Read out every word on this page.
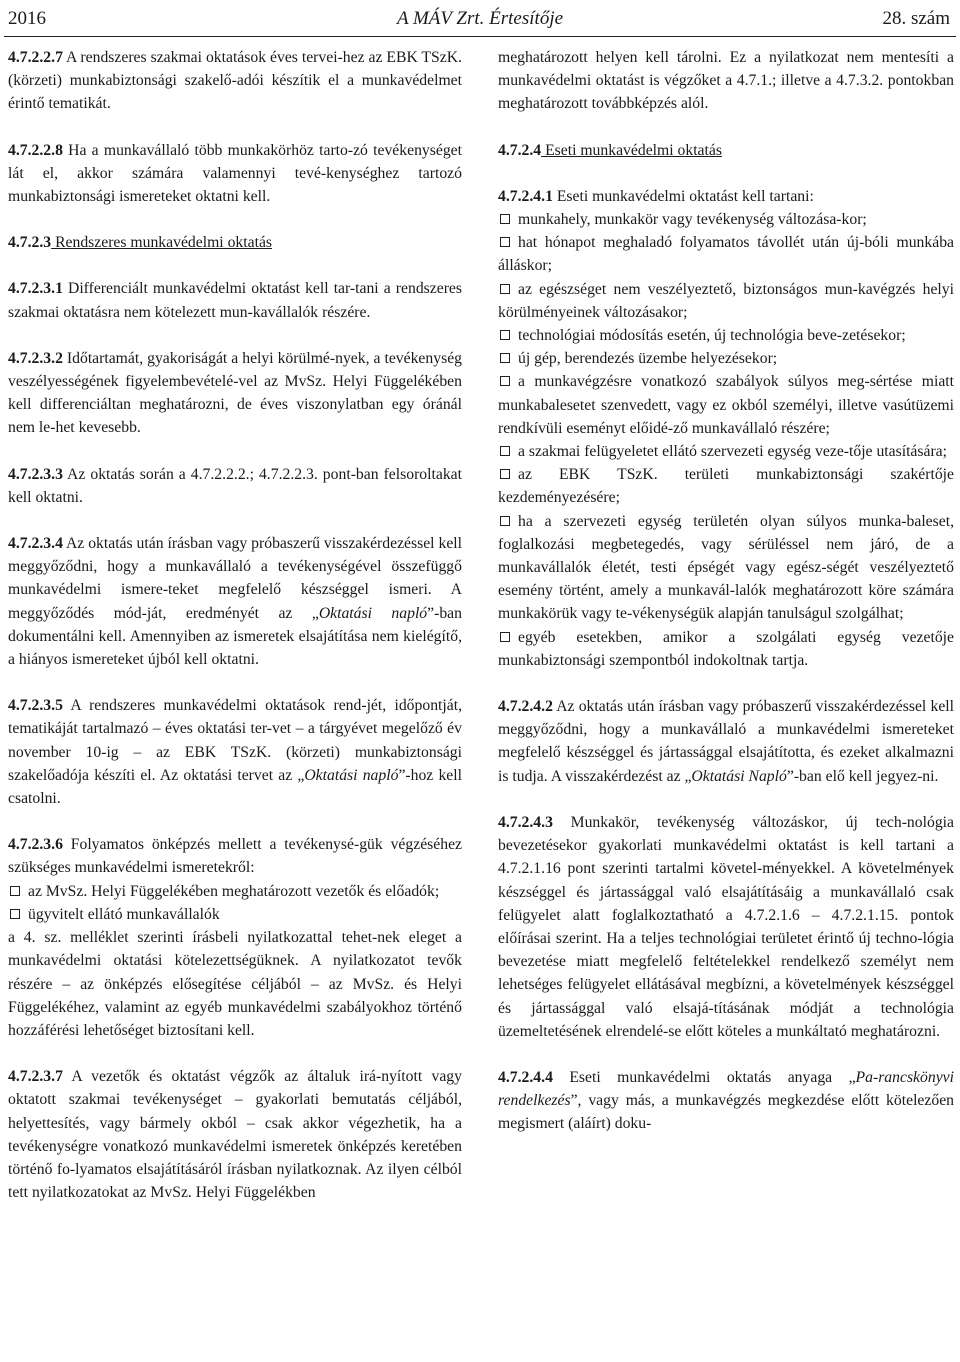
2016	A MÁV Zrt. Értesítője	28. szám

4.7.2.2.7 A rendszeres szakmai oktatások éves tervei-hez az EBK TSzK. (körzeti) munkabiztonsági szakelő-adói készítik el a munkavédelmet érintő tematikát.

4.7.2.2.8 Ha a munkavállaló több munkakörhöz tarto-zó tevékenységet lát el, akkor számára valamennyi tevé-kenységhez tartozó munkabiztonsági ismereteket oktatni kell.

4.7.2.3 Rendszeres munkavédelmi oktatás

4.7.2.3.1 Differenciált munkavédelmi oktatást kell tar-tani a rendszeres szakmai oktatásra nem kötelezett mun-kavállalók részére.

4.7.2.3.2 Időtartamát, gyakoriságát a helyi körülmé-nyek, a tevékenység veszélyességének figyelembevételé-vel az MvSz. Helyi Függelékében kell differenciáltan meghatározni, de éves viszonylatban egy óránál nem le-het kevesebb.

4.7.2.3.3 Az oktatás során a 4.7.2.2.2.; 4.7.2.2.3. pont-ban felsoroltakat kell oktatni.

4.7.2.3.4 Az oktatás után írásban vagy próbaszerű visszakérdezéssel kell meggyőződni, hogy a munkavállaló a tevékenységével összefüggő munkavédelmi ismere-teket megfelelő készséggel ismeri. A meggyőződés mód-ját, eredményét az „Oktatási napló”-ban dokumentálni kell. Amennyiben az ismeretek elsajátítása nem kielégítő, a hiányos ismereteket újból kell oktatni.

4.7.2.3.5 A rendszeres munkavédelmi oktatások rend-jét, időpontját, tematikáját tartalmazó – éves oktatási ter-vet – a tárgyévet megelőző év november 10-ig – az EBK TSzK. (körzeti) munkabiztonsági szakelőadója készíti el. Az oktatási tervet az „Oktatási napló”-hoz kell csatolni.

4.7.2.3.6 Folyamatos önképzés mellett a tevékenysé-gük végzéséhez szükséges munkavédelmi ismeretekről:
az MvSz. Helyi Függelékében meghatározott vezetők és előadók;
ügyvitelt ellátó munkavállalók
a 4. sz. melléklet szerinti írásbeli nyilatkozattal tehet-nek eleget a munkavédelmi oktatási kötelezettségüknek. A nyilatkozatot tevők részére – az önképzés elősegítése céljából – az MvSz. és Helyi Függelékéhez, valamint az egyéb munkavédelmi szabályokhoz történő hozzáférési lehetőséget biztosítani kell.

4.7.2.3.7 A vezetők és oktatást végzők az általuk irá-nyított vagy oktatott szakmai tevékenységet – gyakorlati bemutatás céljából, helyettesítés, vagy bármely okból – csak akkor végezhetik, ha a tevékenységre vonatkozó munkavédelmi ismeretek önképzés keretében történő fo-lyamatos elsajátításáról írásban nyilatkoznak. Az ilyen célból tett nyilatkozatokat az MvSz. Helyi Függelékben

meghatározott helyen kell tárolni. Ez a nyilatkozat nem mentesíti a munkavédelmi oktatást is végzőket a 4.7.1.; illetve a 4.7.3.2. pontokban meghatározott továbbképzés alól.

4.7.2.4 Eseti munkavédelmi oktatás

4.7.2.4.1 Eseti munkavédelmi oktatást kell tartani:
munkahely, munkakör vagy tevékenység változása-kor;
hat hónapot meghaladó folyamatos távollét után új-bóli munkába álláskor;
az egészséget nem veszélyeztető, biztonságos mun-kavégzés helyi körülményeinek változásakor;
technológiai módosítás esetén, új technológia beve-zetésekor;
új gép, berendezés üzembe helyezésekor;
a munkavégzésre vonatkozó szabályok súlyos meg-sértése miatt munkabalesetet szenvedett, vagy ez okból személyi, illetve vasútüzemi rendkívüli eseményt előidé-ző munkavállaló részére;
a szakmai felügyeletet ellátó szervezeti egység veze-tője utasítására;
az EBK TSzK. területi munkabiztonsági szakértője kezdeményezésére;
ha a szervezeti egység területén olyan súlyos munka-baleset, foglalkozási megbetegedés, vagy sérüléssel nem járó, de a munkavállalók életét, testi épségét vagy egész-ségét veszélyeztető esemény történt, amely a munkavál-lalók meghatározott köre számára munkakörük vagy te-vékenységük alapján tanulságul szolgálhat;
egyéb esetekben, amikor a szolgálati egység vezetője munkabiztonsági szempontból indokoltnak tartja.

4.7.2.4.2 Az oktatás után írásban vagy próbaszerű visszakérdezéssel kell meggyőződni, hogy a munkavállaló a munkavédelmi ismereteket megfelelő készséggel és jártassággal elsajátította, és ezeket alkalmazni is tudja. A visszakérdezést az „Oktatási Napló”-ban elő kell jegyez-ni.

4.7.2.4.3 Munkakör, tevékenység változáskor, új tech-nológia bevezetésekor gyakorlati munkavédelmi oktatást is kell tartani a 4.7.2.1.16 pont szerinti tartalmi követel-ményekkel. A követelmények készséggel és jártassággal való elsajátításáig a munkavállaló csak felügyelet alatt foglalkoztatható a 4.7.2.1.6 – 4.7.2.1.15. pontok előírásai szerint. Ha a teljes technológiai területet érintő új techno-lógia bevezetése miatt megfelelő feltételekkel rendelkező személyt nem lehetséges felügyelet ellátásával megbízni, a követelmények készséggel és jártassággal való elsajá-tításának módját a technológia üzemeltetésének elrendelé-se előtt köteles a munkáltató meghatározni.

4.7.2.4.4 Eseti munkavédelmi oktatás anyaga „Pa-rancskönyvi rendelkezés”, vagy más, a munkavégzés megkezdése előtt kötelezően megismert (aláírt) doku-
